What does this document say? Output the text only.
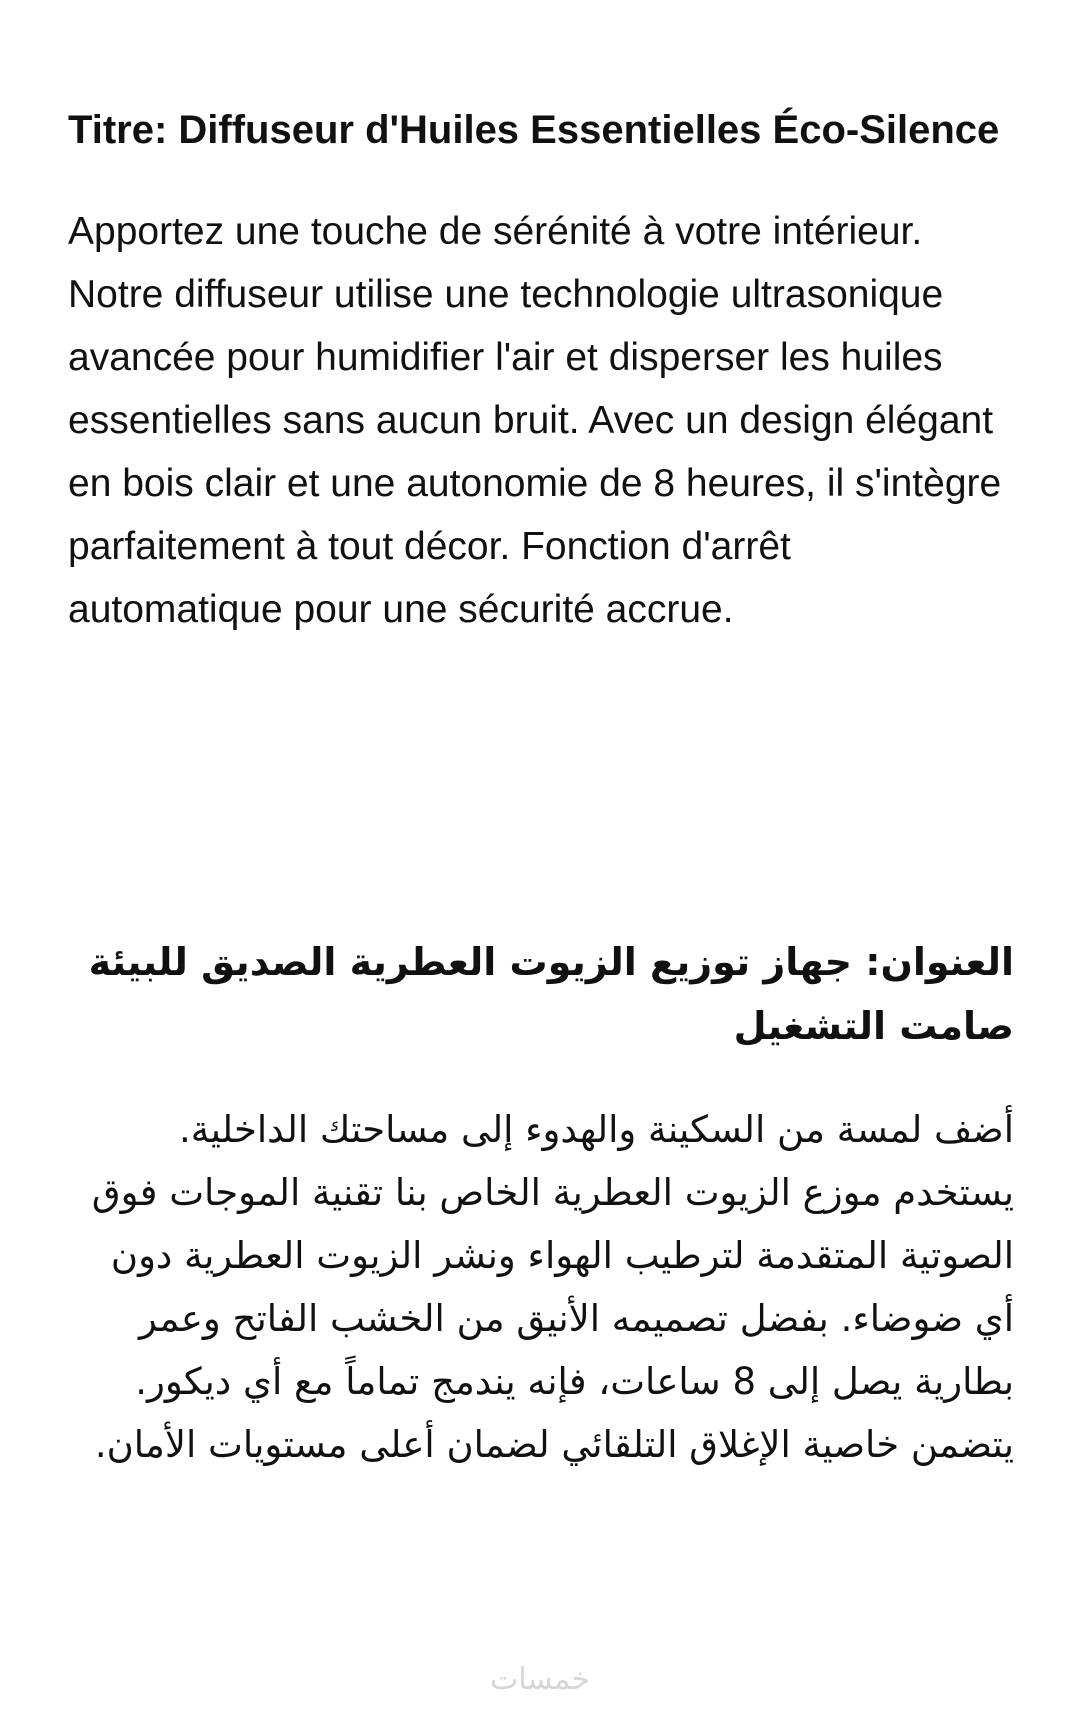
Titre: Diffuseur d'Huiles Essentielles Éco-Silence

Apportez une touche de sérénité à votre intérieur. Notre diffuseur utilise une technologie ultrasonique avancée pour humidifier l'air et disperser les huiles essentielles sans aucun bruit. Avec un design élégant en bois clair et une autonomie de 8 heures, il s'intègre parfaitement à tout décor. Fonction d'arrêt automatique pour une sécurité accrue.

العنوان: جهاز توزيع الزيوت العطرية الصديق للبيئة صامت التشغيل

أضف لمسة من السكينة والهدوء إلى مساحتك الداخلية. يستخدم موزع الزيوت العطرية الخاص بنا تقنية الموجات فوق الصوتية المتقدمة لترطيب الهواء ونشر الزيوت العطرية دون أي ضوضاء. بفضل تصميمه الأنيق من الخشب الفاتح وعمر بطارية يصل إلى 8 ساعات، فإنه يندمج تماماً مع أي ديكور. يتضمن خاصية الإغلاق التلقائي لضمان أعلى مستويات الأمان.

خمسات
